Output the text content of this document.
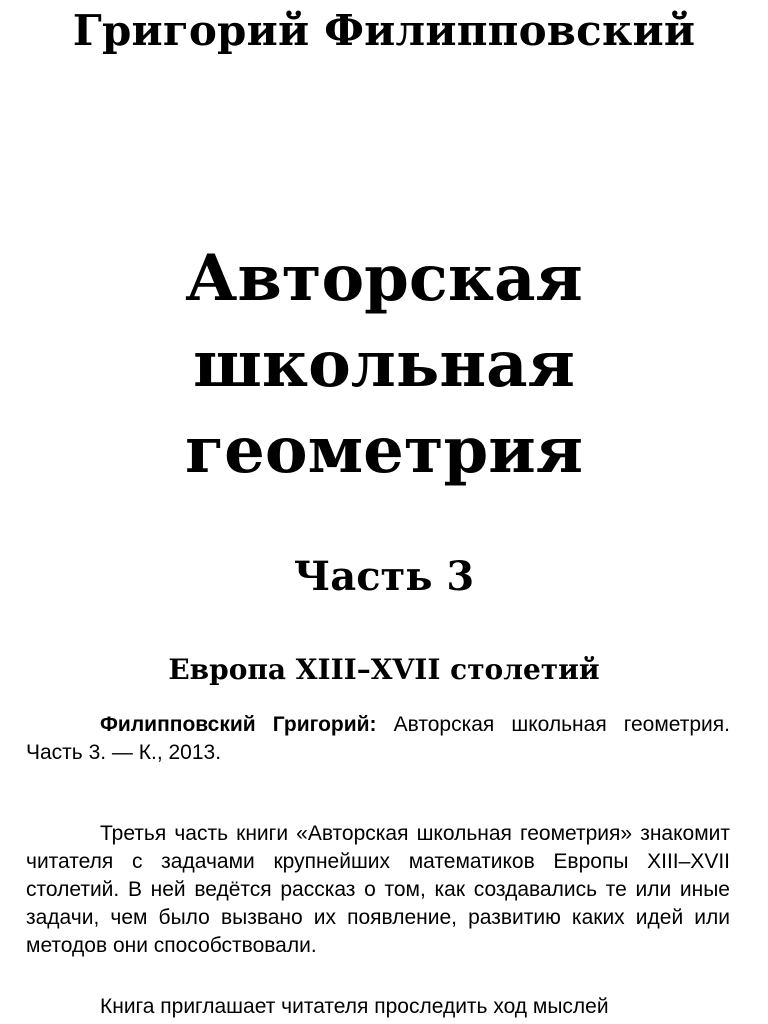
Григорий Филипповский
Авторская
школьная геометрия
Часть 3
Европа XIII–XVII столетий

Филипповский Григорий: Авторская школьная геометрия. Часть 3. — К., 2013.

Третья часть книги «Авторская школьная геометрия» знакомит читателя с задачами крупнейших математиков Европы XIII–XVII столетий. В ней ведётся рассказ о том, как создавались те или иные задачи, чем было вызвано их появление, развитию каких идей или методов они способствовали.

Книга приглашает читателя проследить ход мыслей
